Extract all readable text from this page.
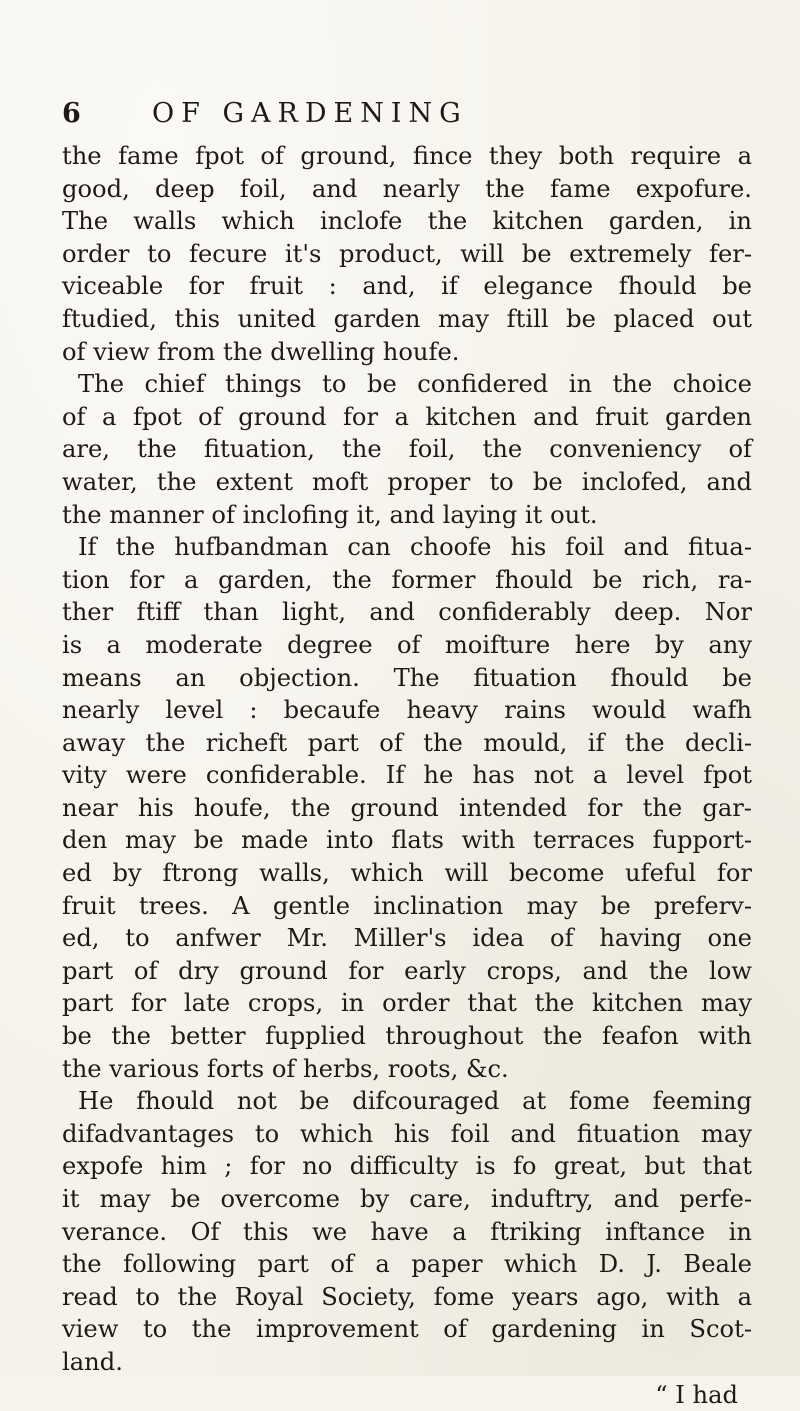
6	OF GARDENING
the fame fpot of ground, fince they both require a
good, deep foil, and nearly the fame expofure.
The walls which inclofe the kitchen garden, in
order to fecure it's product, will be extremely fer-
viceable for fruit : and, if elegance fhould be
ftudied, this united garden may ftill be placed out
of view from the dwelling houfe.
The chief things to be confidered in the choice
of a fpot of ground for a kitchen and fruit garden
are, the fituation, the foil, the conveniency of
water, the extent moft proper to be inclofed, and
the manner of inclofing it, and laying it out.
If the hufbandman can choofe his foil and fitua-
tion for a garden, the former fhould be rich, ra-
ther ftiff than light, and confiderably deep. Nor
is a moderate degree of moifture here by any
means an objection. The fituation fhould be
nearly level : becaufe heavy rains would wafh
away the richeft part of the mould, if the decli-
vity were confiderable. If he has not a level fpot
near his houfe, the ground intended for the gar-
den may be made into flats with terraces fupport-
ed by ftrong walls, which will become ufeful for
fruit trees. A gentle inclination may be preferv-
ed, to anfwer Mr. Miller's idea of having one
part of dry ground for early crops, and the low
part for late crops, in order that the kitchen may
be the better fupplied throughout the feafon with
the various forts of herbs, roots, &c.
He fhould not be difcouraged at fome feeming
difadvantages to which his foil and fituation may
expofe him ; for no difficulty is fo great, but that
it may be overcome by care, induftry, and perfe-
verance. Of this we have a ftriking inftance in
the following part of a paper which D. J. Beale
read to the Royal Society, fome years ago, with a
view to the improvement of gardening in Scot-
land.
“ I had
